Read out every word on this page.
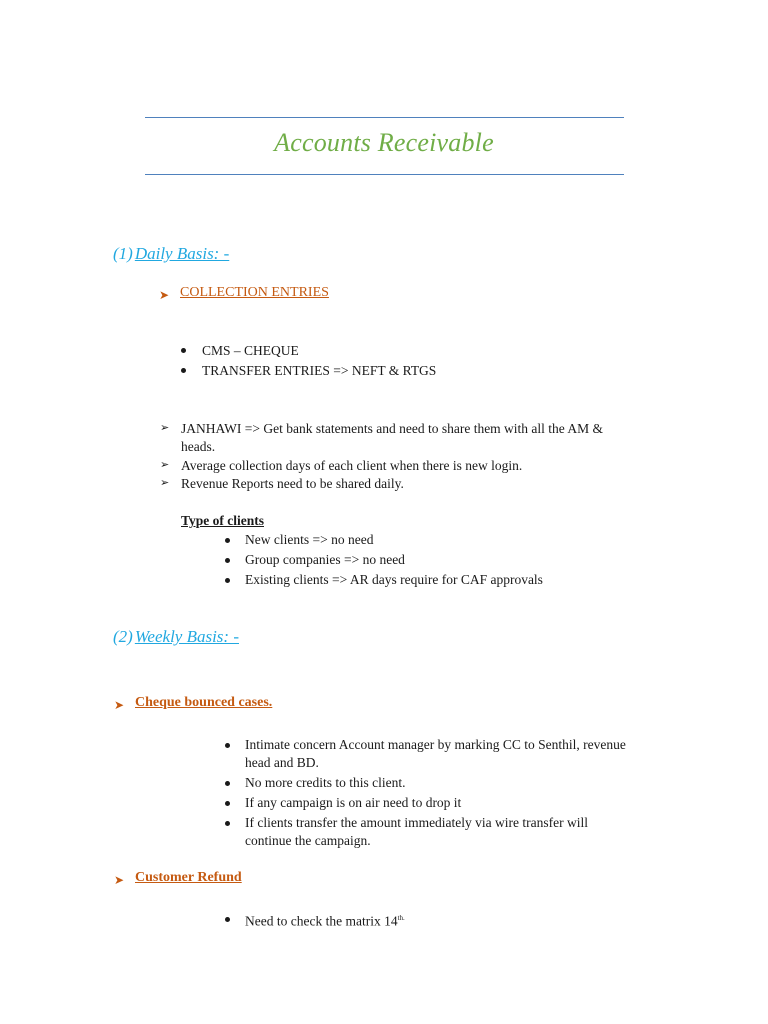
Accounts Receivable
(1) Daily Basis: -
➤ COLLECTION ENTRIES
CMS – CHEQUE
TRANSFER ENTRIES => NEFT & RTGS
➢ JANHAWI => Get bank statements and need to share them with all the AM &
heads.
➢ Average collection days of each client when there is new login.
➢ Revenue Reports need to be shared daily.
Type of clients
New clients => no need
Group companies => no need
Existing clients => AR days require for CAF approvals
(2) Weekly Basis: -
➤ Cheque bounced cases.
Intimate concern Account manager by marking CC to Senthil, revenue
head and BD.
No more credits to this client.
If any campaign is on air need to drop it
If clients transfer the amount immediately via wire transfer will
continue the campaign.
➤ Customer Refund
Need to check the matrix $14^{th.}$
